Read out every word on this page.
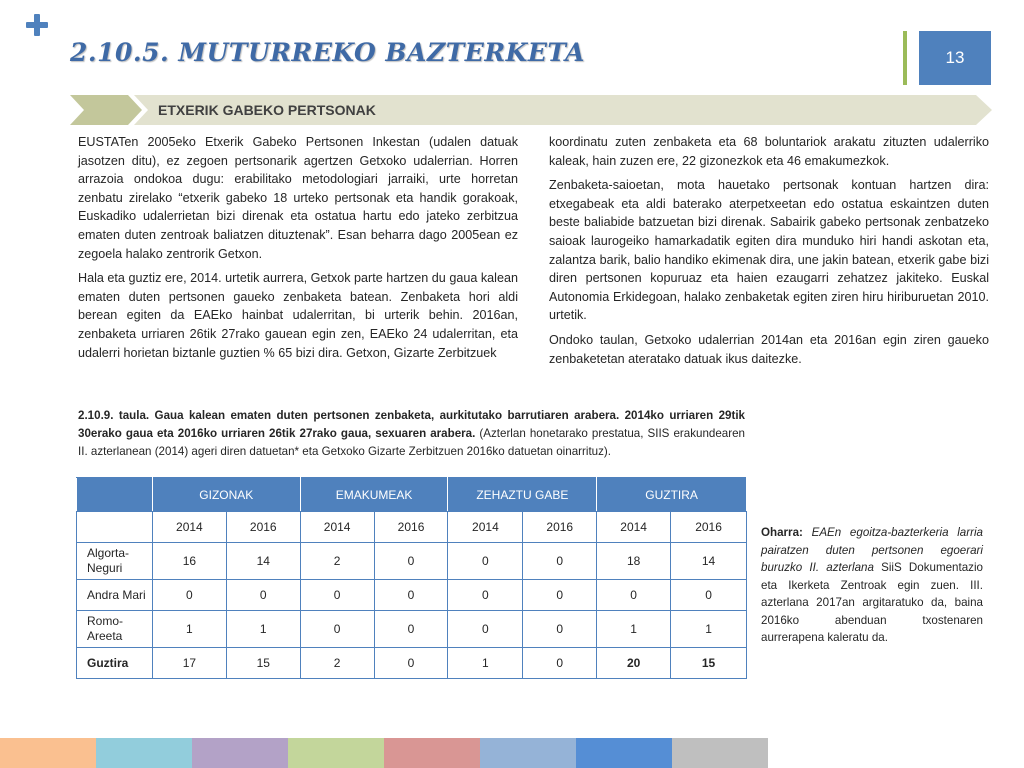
2.10.5. MUTURREKO BAZTERKETA	13
ETXERIK GABEKO PERTSONAK

EUSTATen 2005eko Etxerik Gabeko Pertsonen Inkestan (udalen datuak jasotzen ditu), ez zegoen pertsonarik agertzen Getxoko udalerrian. Horren arrazoia ondokoa dugu: erabilitako metodologiari jarraiki, urte horretan zenbatu zirelako “etxerik gabeko 18 urteko pertsonak eta handik gorakoak, Euskadiko udalerrietan bizi direnak eta ostatua hartu edo jateko zerbitzua ematen duten zentroak baliatzen dituztenak”. Esan beharra dago 2005ean ez zegoela halako zentrorik Getxon.

Hala eta guztiz ere, 2014. urtetik aurrera, Getxok parte hartzen du gaua kalean ematen duten pertsonen gaueko zenbaketa batean. Zenbaketa hori aldi berean egiten da EAEko hainbat udalerritan, bi urterik behin. 2016an, zenbaketa urriaren 26tik 27rako gauean egin zen, EAEko 24 udalerritan, eta udalerri horietan biztanle guztien % 65 bizi dira. Getxon, Gizarte Zerbitzuek

koordinatu zuten zenbaketa eta 68 boluntariok arakatu zituzten udalerriko kaleak, hain zuzen ere, 22 gizonezkok eta 46 emakumezkok.

Zenbaketa-saioetan, mota hauetako pertsonak kontuan hartzen dira: etxegabeak eta aldi baterako aterpetxeetan edo ostatua eskaintzen duten beste baliabide batzuetan bizi direnak. Sabairik gabeko pertsonak zenbatzeko saioak laurogeiko hamarkadatik egiten dira munduko hiri handi askotan eta, zalantza barik, balio handiko ekimenak dira, une jakin batean, etxerik gabe bizi diren pertsonen kopuruaz eta haien ezaugarri zehatzez jakiteko. Euskal Autonomia Erkidegoan, halako zenbaketak egiten ziren hiru hiriburuetan 2010. urtetik.

Ondoko taulan, Getxoko udalerrian 2014an eta 2016an egin ziren gaueko zenbaketetan ateratako datuak ikus daitezke.

2.10.9. taula. Gaua kalean ematen duten pertsonen zenbaketa, aurkitutako barrutiaren arabera. 2014ko urriaren 29tik 30erako gaua eta 2016ko urriaren 26tik 27rako gaua, sexuaren arabera. (Azterlan honetarako prestatua, SIIS erakundearen II. azterlanean (2014) ageri diren datuetan* eta Getxoko Gizarte Zerbitzuen 2016ko datuetan oinarrituz).
	GIZONAK		EMAKUMEAK		ZEHAZTU GABE		GUZTIRA	
	2014	2016	2014	2016	2014	2016	2014	2016
Algorta-
Neguri	16	14	2	0	0	0	18	14
Andra Mari	0	0	0	0	0	0	0	0
Romo-
Areeta	1	1	0	0	0	0	1	1
Guztira	17	15	2	0	1	0	20	15
Oharra: EAEn egoitza-bazterkeria larria pairatzen duten pertsonen egoerari buruzko II. azterlana SiiS Dokumentazio eta Ikerketa Zentroak egin zuen. III. azterlana 2017an argitaratuko da, baina 2016ko abenduan txostenaren aurrerapena kaleratu da.
